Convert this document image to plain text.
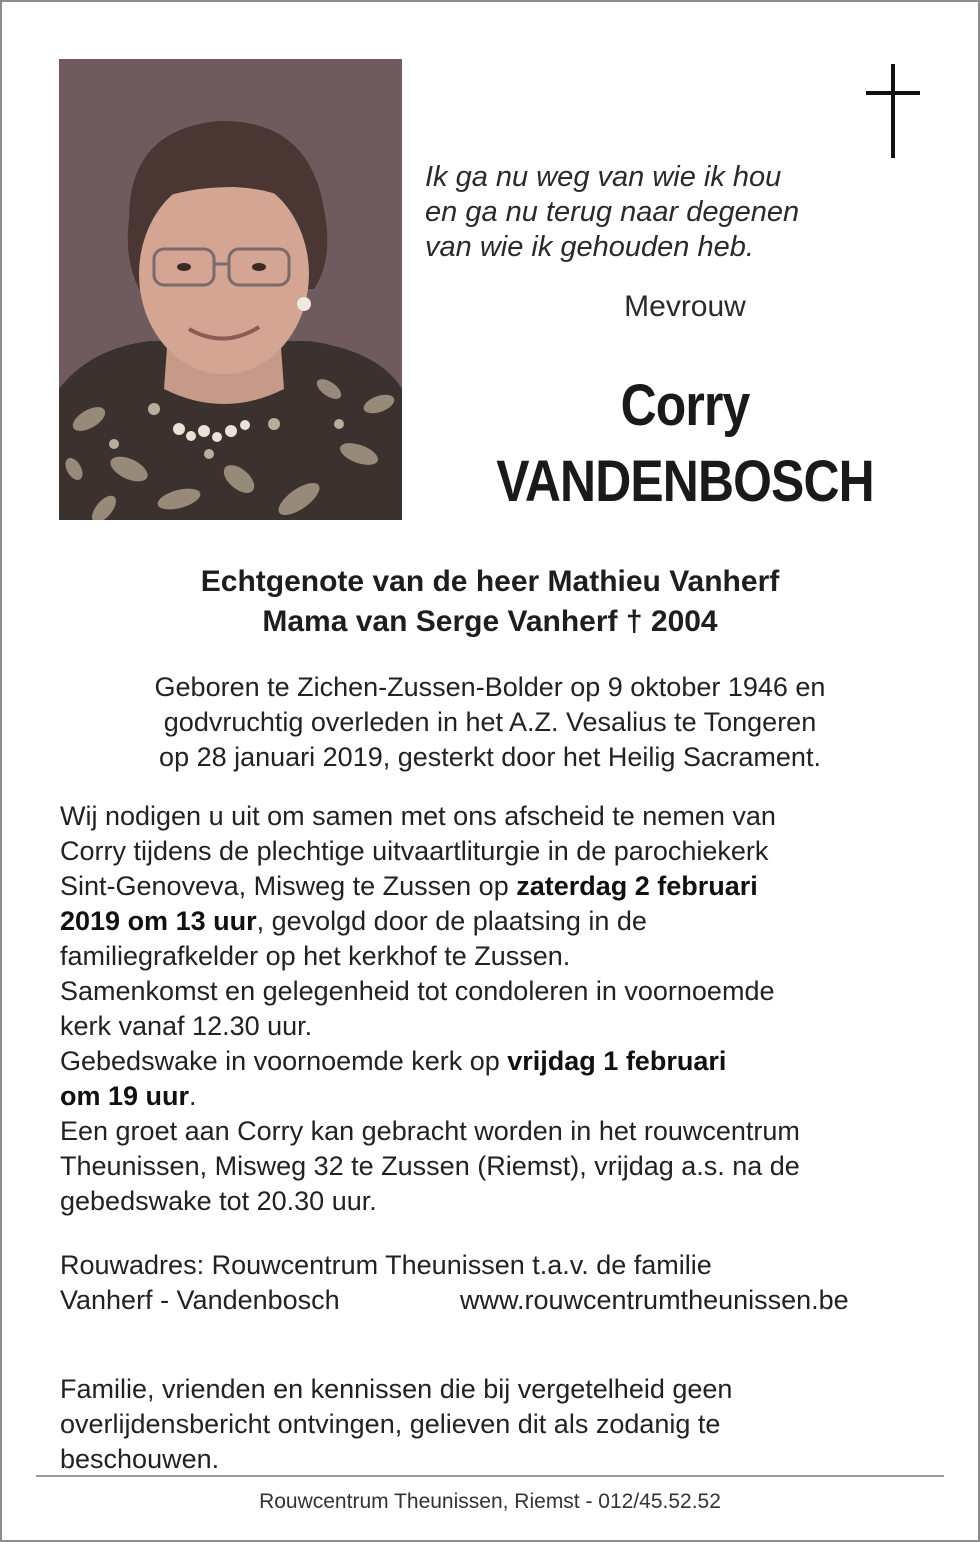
Ik ga nu weg van wie ik hou
en ga nu terug naar degenen
van wie ik gehouden heb.
Mevrouw
Corry
VANDENBOSCH
Echtgenote van de heer Mathieu Vanherf
Mama van Serge Vanherf † 2004
Geboren te Zichen-Zussen-Bolder op 9 oktober 1946 en
godvruchtig overleden in het A.Z. Vesalius te Tongeren
op 28 januari 2019, gesterkt door het Heilig Sacrament.
Wij nodigen u uit om samen met ons afscheid te nemen van
Corry tijdens de plechtige uitvaartliturgie in de parochiekerk
Sint-Genoveva, Misweg te Zussen op zaterdag 2 februari
2019 om 13 uur, gevolgd door de plaatsing in de
familiegrafkelder op het kerkhof te Zussen.
Samenkomst en gelegenheid tot condoleren in voornoemde
kerk vanaf 12.30 uur.
Gebedswake in voornoemde kerk op vrijdag 1 februari
om 19 uur.
Een groet aan Corry kan gebracht worden in het rouwcentrum
Theunissen, Misweg 32 te Zussen (Riemst), vrijdag a.s. na de
gebedswake tot 20.30 uur.
Rouwadres: Rouwcentrum Theunissen t.a.v. de familie
Vanherf - Vandenbosch	www.rouwcentrumtheunissen.be
Familie, vrienden en kennissen die bij vergetelheid geen
overlijdensbericht ontvingen, gelieven dit als zodanig te
beschouwen.
Rouwcentrum Theunissen, Riemst - 012/45.52.52
